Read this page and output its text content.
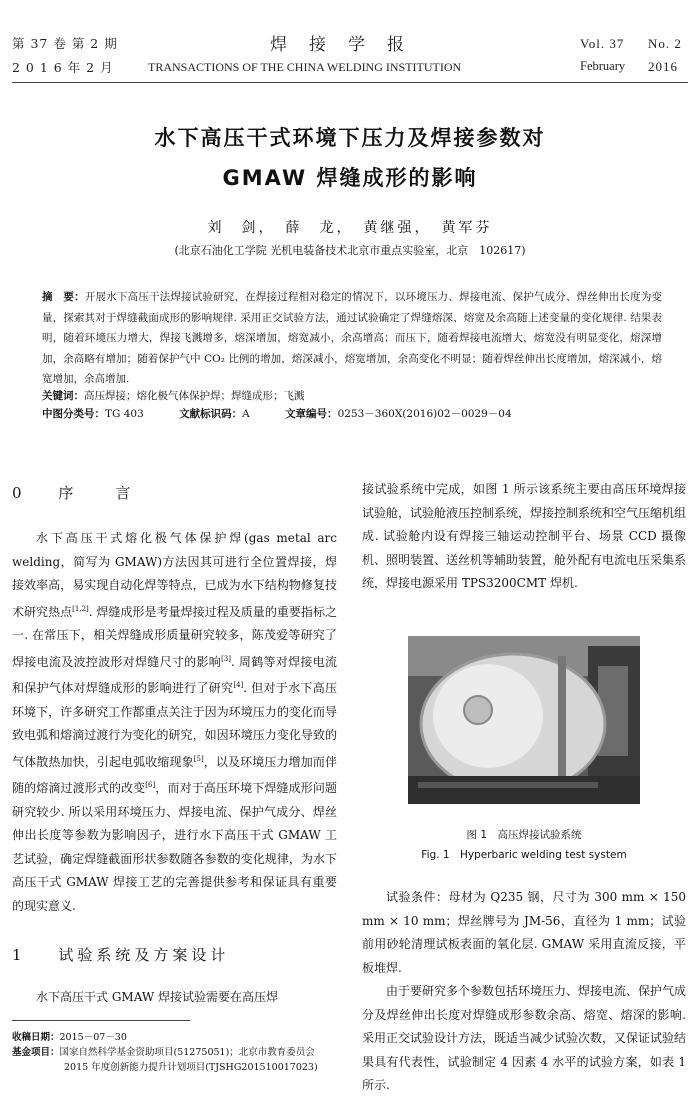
第 37 卷 第 2 期
2 0 1 6 年 2 月
焊接学报
TRANSACTIONS OF THE CHINA WELDING INSTITUTION
Vol. 37 No. 2
February 2016
水下高压干式环境下压力及焊接参数对
GMAW 焊缝成形的影响
刘　剑，　薛　龙，　黄继强，　黄军芬
(北京石油化工学院 光机电装备技术北京市重点实验室，北京　102617)
摘　要：开展水下高压干法焊接试验研究，在焊接过程相对稳定的情况下，以环境压力、焊接电流、保护气成分、焊丝伸出长度为变量，探索其对于焊缝截面成形的影响规律. 采用正交试验方法，通过试验确定了焊缝熔深、熔宽及余高随上述变量的变化规律. 结果表明，随着环境压力增大，焊接飞溅增多，熔深增加，熔宽减小，余高增高；而压下，随着焊接电流增大，熔宽没有明显变化，熔深增加，余高略有增加；随着保护气中 CO₂ 比例的增加，熔深减小，熔宽增加，余高变化不明显；随着焊丝伸出长度增加，熔深减小，熔宽增加，余高增加.
关键词：高压焊接；熔化极气体保护焊；焊缝成形；飞溅
中图分类号：TG 403	文献标识码：A	文章编号：0253－360X(2016)02－0029－04
0 序　　言

水下高压干式熔化极气体保护焊(gas metal arc welding，简写为 GMAW)方法因其可进行全位置焊接，焊接效率高，易实现自动化焊等特点，已成为水下结构物修复技术研究热点[1,2]. 焊缝成形是考量焊接过程及质量的重要指标之一. 在常压下，相关焊缝成形质量研究较多，陈茂爱等研究了焊接电流及波控波形对焊缝尺寸的影响[3]. 周鹤等对焊接电流和保护气体对焊缝成形的影响进行了研究[4]. 但对于水下高压环境下，许多研究工作都重点关注于因为环境压力的变化而导致电弧和熔滴过渡行为变化的研究，如因环境压力变化导致的气体散热加快，引起电弧收缩现象[5]，以及环境压力增加而伴随的熔滴过渡形式的改变[6]，而对于高压环境下焊缝成形问题研究较少. 所以采用环境压力、焊接电流、保护气成分、焊丝伸出长度等参数为影响因子，进行水下高压干式 GMAW 工艺试验，确定焊缝截面形状参数随各参数的变化规律，为水下高压干式 GMAW 焊接工艺的完善提供参考和保证具有重要的现实意义.

1 试验系统及方案设计

水下高压干式 GMAW 焊接试验需要在高压焊

收稿日期：2015－07－30
基金项目：国家自然科学基金资助项目(51275051)；北京市教育委员会
2015 年度创新能力提升计划项目(TJSHG201510017023)

接试验系统中完成，如图 1 所示该系统主要由高压环境焊接试验舱，试验舱液压控制系统，焊接控制系统和空气压缩机组成. 试验舱内设有焊接三轴运动控制平台、场景 CCD 摄像机、照明装置、送丝机等辅助装置，舱外配有电流电压采集系统，焊接电源采用 TPS3200CMT 焊机.

图 1　高压焊接试验系统
Fig. 1　Hyperbaric welding test system

试验条件：母材为 Q235 钢，尺寸为 300 mm × 150 mm × 10 mm；焊丝牌号为 JM-56，直径为 1 mm；试验前用砂轮清理试板表面的氧化层. GMAW 采用直流反接，平板堆焊.

由于要研究多个参数包括环境压力、焊接电流、保护气成分及焊丝伸出长度对焊缝成形参数余高、熔宽、熔深的影响. 采用正交试验设计方法，既适当减少试验次数，又保证试验结果具有代表性，试验制定 4 因素 4 水平的试验方案，如表 1 所示.
